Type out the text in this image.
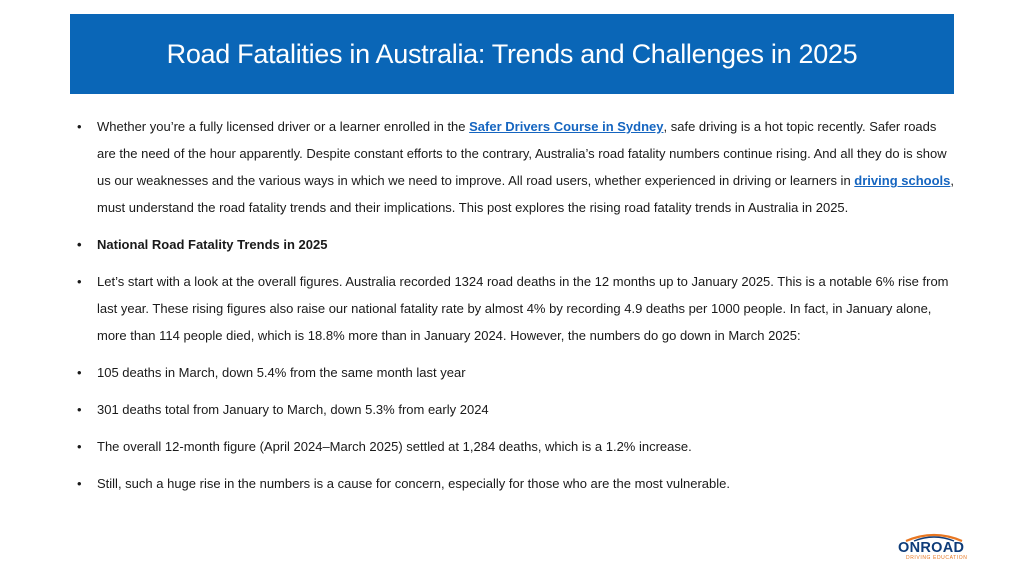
Road Fatalities in Australia: Trends and Challenges in 2025
• Whether you’re a fully licensed driver or a learner enrolled in the Safer Drivers Course in Sydney, safe driving is a hot topic recently. Safer roads are the need of the hour apparently. Despite constant efforts to the contrary, Australia’s road fatality numbers continue rising. And all they do is show us our weaknesses and the various ways in which we need to improve. All road users, whether experienced in driving or learners in driving schools, must understand the road fatality trends and their implications. This post explores the rising road fatality trends in Australia in 2025.
• National Road Fatality Trends in 2025
• Let’s start with a look at the overall figures. Australia recorded 1324 road deaths in the 12 months up to January 2025. This is a notable 6% rise from last year. These rising figures also raise our national fatality rate by almost 4% by recording 4.9 deaths per 1000 people. In fact, in January alone, more than 114 people died, which is 18.8% more than in January 2024. However, the numbers do go down in March 2025:
• 105 deaths in March, down 5.4% from the same month last year
• 301 deaths total from January to March, down 5.3% from early 2024
• The overall 12-month figure (April 2024–March 2025) settled at 1,284 deaths, which is a 1.2% increase.
• Still, such a huge rise in the numbers is a cause for concern, especially for those who are the most vulnerable.
ONROAD
DRIVING EDUCATION
